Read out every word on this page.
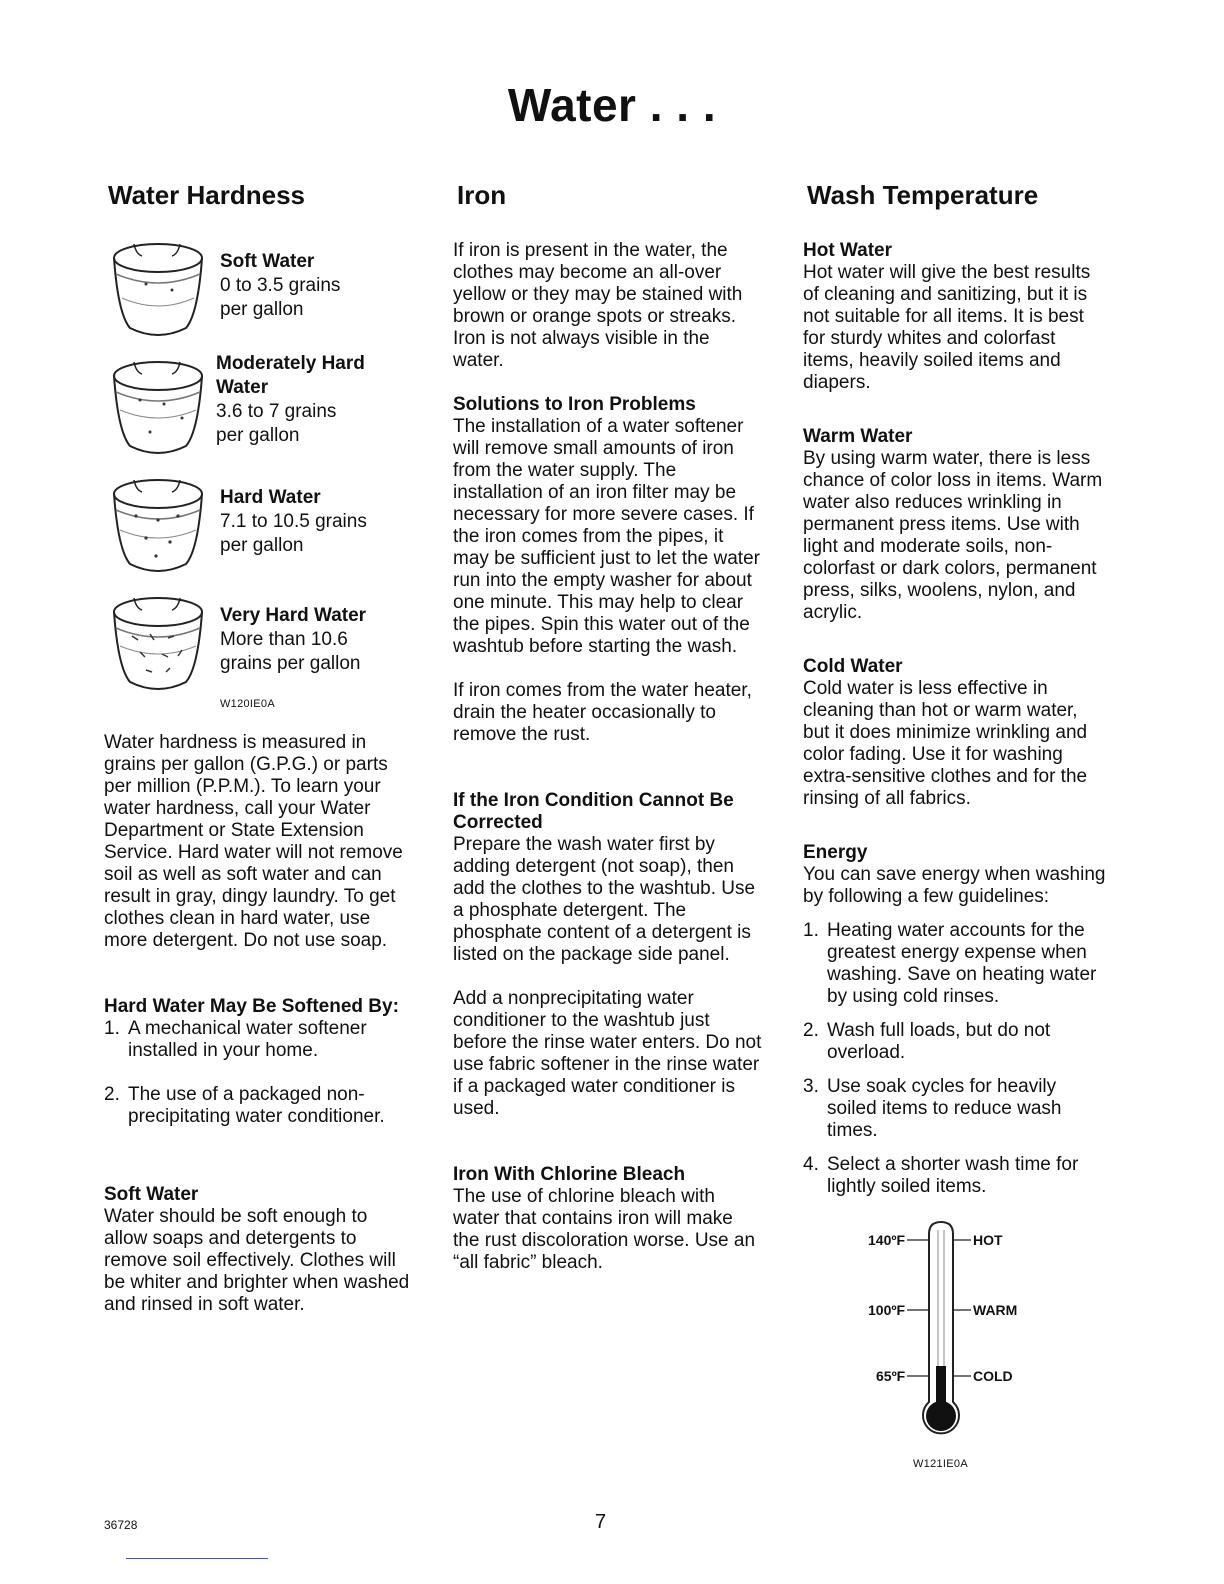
Water . . .
Water Hardness

Soft Water

0 to 3.5 grains

per gallon

Moderately Hard

Water

3.6 to 7 grains

per gallon

Hard Water

7.1 to 10.5 grains

per gallon

Very Hard Water

More than 10.6

grains per gallon

W120IE0A

Water hardness is measured in grains per gallon (G.P.G.) or parts per million (P.P.M.). To learn your water hardness, call your Water Department or State Extension Service. Hard water will not remove soil as well as soft water and can result in gray, dingy laundry. To get clothes clean in hard water, use more detergent. Do not use soap.

Hard Water May Be Softened By:

1. A mechanical water softener installed in your home.
2. The use of a packaged non-precipitating water conditioner.

Soft Water

Water should be soft enough to allow soaps and detergents to remove soil effectively. Clothes will be whiter and brighter when washed and rinsed in soft water.

Iron

If iron is present in the water, the clothes may become an all-over yellow or they may be stained with brown or orange spots or streaks. Iron is not always visible in the water.

Solutions to Iron Problems

The installation of a water softener will remove small amounts of iron from the water supply. The installation of an iron filter may be necessary for more severe cases. If the iron comes from the pipes, it may be sufficient just to let the water run into the empty washer for about one minute. This may help to clear the pipes. Spin this water out of the washtub before starting the wash.

If iron comes from the water heater, drain the heater occasionally to remove the rust.

If the Iron Condition Cannot Be Corrected

Prepare the wash water first by adding detergent (not soap), then add the clothes to the washtub. Use a phosphate detergent. The phosphate content of a detergent is listed on the package side panel.

Add a nonprecipitating water conditioner to the washtub just before the rinse water enters. Do not use fabric softener in the rinse water if a packaged water conditioner is used.

Iron With Chlorine Bleach

The use of chlorine bleach with water that contains iron will make the rust discoloration worse. Use an “all fabric” bleach.

Wash Temperature

Hot Water

Hot water will give the best results of cleaning and sanitizing, but it is not suitable for all items. It is best for sturdy whites and colorfast items, heavily soiled items and diapers.

Warm Water

By using warm water, there is less chance of color loss in items. Warm water also reduces wrinkling in permanent press items. Use with light and moderate soils, non-colorfast or dark colors, permanent press, silks, woolens, nylon, and acrylic.

Cold Water

Cold water is less effective in cleaning than hot or warm water, but it does minimize wrinkling and color fading. Use it for washing extra-sensitive clothes and for the rinsing of all fabrics.

Energy

You can save energy when washing by following a few guidelines:

1. Heating water accounts for the greatest energy expense when washing. Save on heating water by using cold rinses.
2. Wash full loads, but do not overload.
3. Use soak cycles for heavily soiled items to reduce wash times.
4. Select a shorter wash time for lightly soiled items.
140ºF	HOT
100ºF	WARM
65ºF	COLD
W121IE0A
36728	7
